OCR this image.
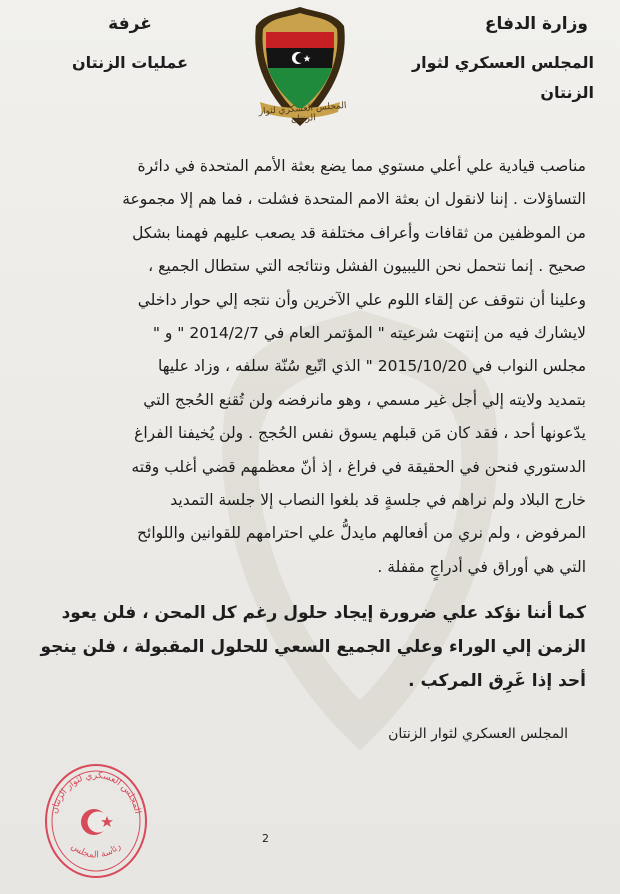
وزارة الدفاع
المجلس العسكري لثوار الزنتان
غرفة
عمليات الزنتان
المجلس العسكري لثوار الزنتان

مناصب قيادية علي أعلي مستوي مما يضع بعثة الأمم المتحدة في دائرة

التساؤلات . إننا لانقول ان بعثة الامم المتحدة فشلت ، فما هم إلا مجموعة

من الموظفين من ثقافات وأعراف مختلفة قد يصعب عليهم فهمنا بشكل

صحيح . إنما نتحمل نحن الليبيون الفشل ونتائجه التي ستطال الجميع ،

وعلينا أن نتوقف عن إلقاء اللوم علي الآخرين وأن نتجه إلي حوار داخلي

لايشارك فيه من إنتهت شرعيته " المؤتمر العام في 2014/2/7 " و "

مجلس النواب في 2015/10/20 " الذي اتّبع سُنّة سلفه ، وزاد عليها

بتمديد ولايته إلي أجل غير مسمي ، وهو مانرفضه ولن تُقنع الحُجج التي

يدّعونها أحد ، فقد كان مَن قبلهم يسوق نفس الحُجج . ولن يُخيفنا الفراغ

الدستوري فنحن في الحقيقة في فراغ ، إذ أنّ معظمهم قضي أغلب وقته

خارج البلاد ولم نراهم في جلسةٍ قد بلغوا النصاب إلا جلسة التمديد

المرفوض ، ولم نري من أفعالهم مايدلُّ علي احترامهم للقوانين واللوائح

التي هي أوراق في أدراجٍ مقفلة .

كما أننا نؤكد علي ضرورة إيجاد حلول رغم كل المحن ، فلن يعود

الزمن إلي الوراء وعلي الجميع السعي للحلول المقبولة ، فلن ينجو

أحد إذا غَرِق المركب .

المجلس العسكري لثوار الزنتان
المجلس العسكري لثوار الزنتان
رئاسة المجلس
2
